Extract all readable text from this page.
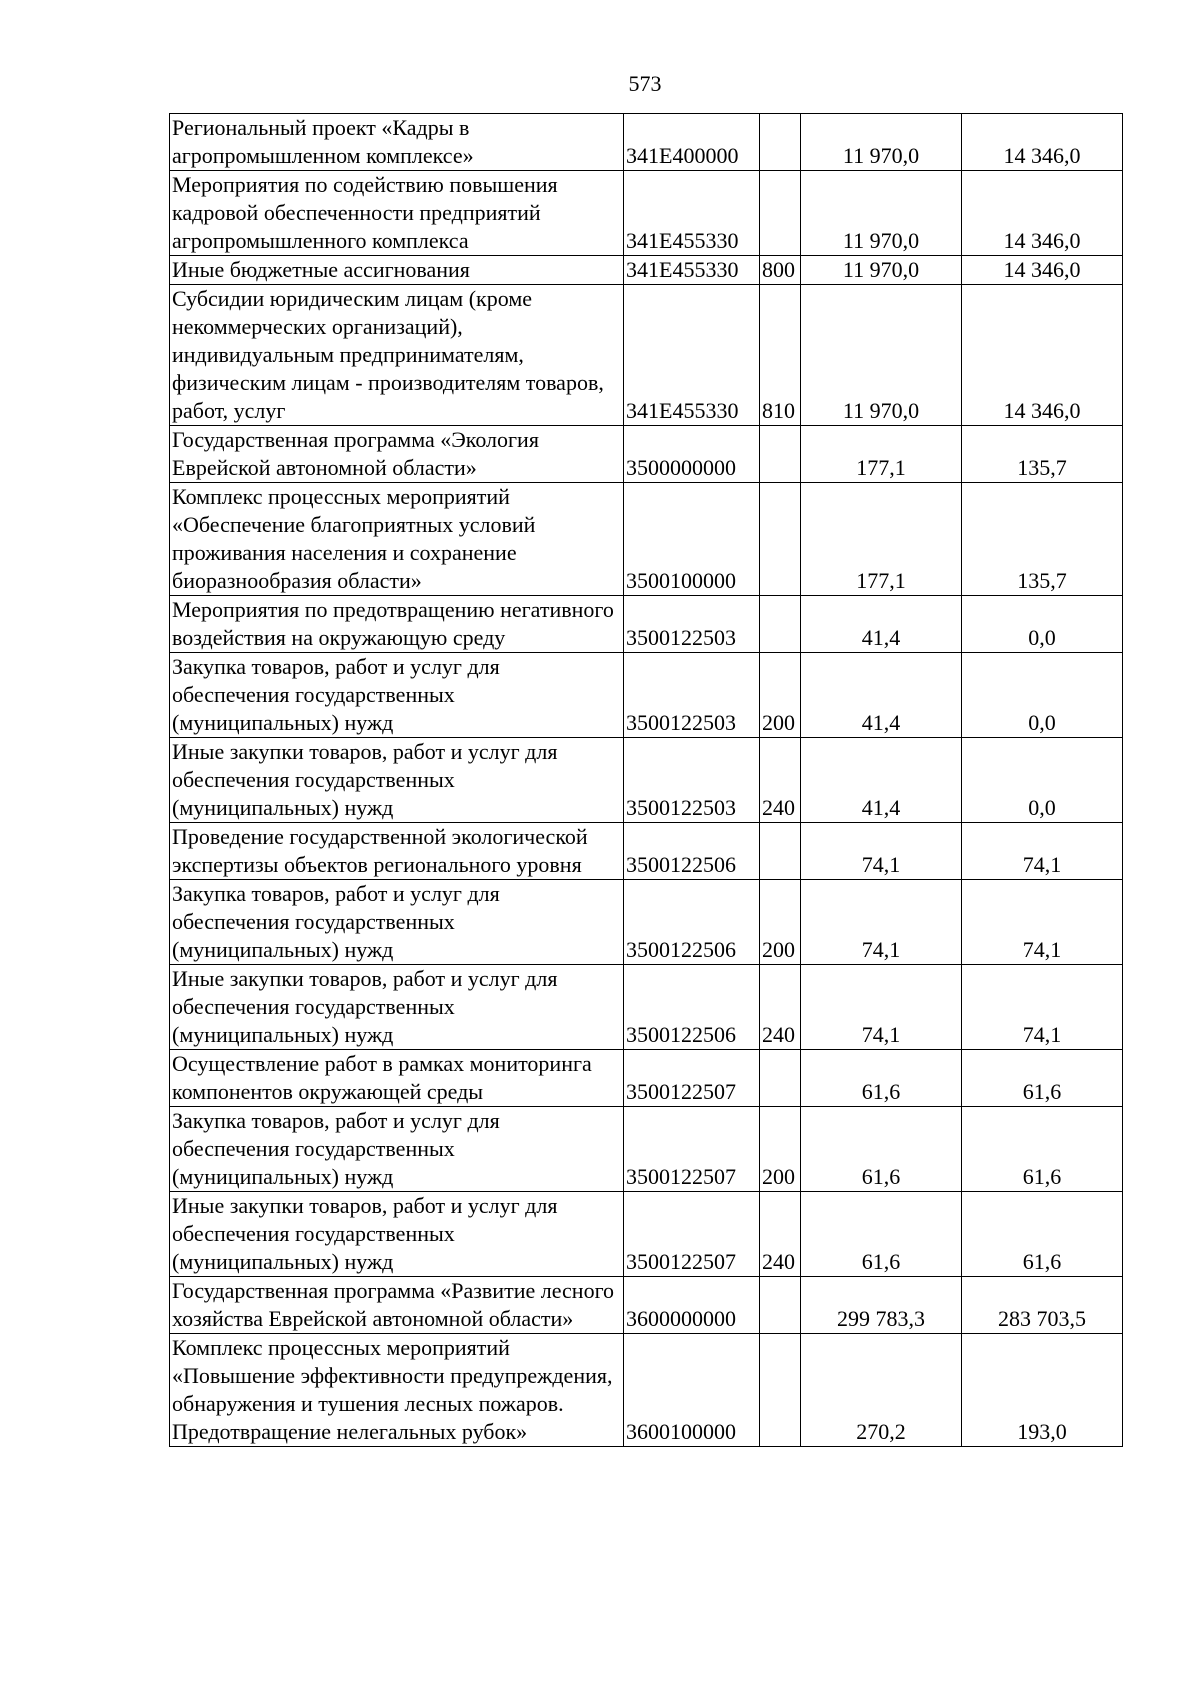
573
Региональный проект «Кадры в агропромышленном комплексе»	341Е400000		11 970,0	14 346,0
Мероприятия по содействию повышения кадровой обеспеченности предприятий агропромышленного комплекса	341Е455330		11 970,0	14 346,0
Иные бюджетные ассигнования	341Е455330	800	11 970,0	14 346,0
Субсидии юридическим лицам (кроме некоммерческих организаций), индивидуальным предпринимателям, физическим лицам - производителям товаров, работ, услуг	341Е455330	810	11 970,0	14 346,0
Государственная программа «Экология Еврейской автономной области»	3500000000		177,1	135,7
Комплекс процессных мероприятий «Обеспечение благоприятных условий проживания населения и сохранение биоразнообразия области»	3500100000		177,1	135,7
Мероприятия по предотвращению негативного воздействия на окружающую среду	3500122503		41,4	0,0
Закупка товаров, работ и услуг для обеспечения государственных (муниципальных) нужд	3500122503	200	41,4	0,0
Иные закупки товаров, работ и услуг для обеспечения государственных (муниципальных) нужд	3500122503	240	41,4	0,0
Проведение государственной экологической экспертизы объектов регионального уровня	3500122506		74,1	74,1
Закупка товаров, работ и услуг для обеспечения государственных (муниципальных) нужд	3500122506	200	74,1	74,1
Иные закупки товаров, работ и услуг для обеспечения государственных (муниципальных) нужд	3500122506	240	74,1	74,1
Осуществление работ в рамках мониторинга компонентов окружающей среды	3500122507		61,6	61,6
Закупка товаров, работ и услуг для обеспечения государственных (муниципальных) нужд	3500122507	200	61,6	61,6
Иные закупки товаров, работ и услуг для обеспечения государственных (муниципальных) нужд	3500122507	240	61,6	61,6
Государственная программа «Развитие лесного хозяйства Еврейской автономной области»	3600000000		299 783,3	283 703,5
Комплекс процессных мероприятий «Повышение эффективности предупреждения, обнаружения и тушения лесных пожаров. Предотвращение нелегальных рубок»	3600100000		270,2	193,0
